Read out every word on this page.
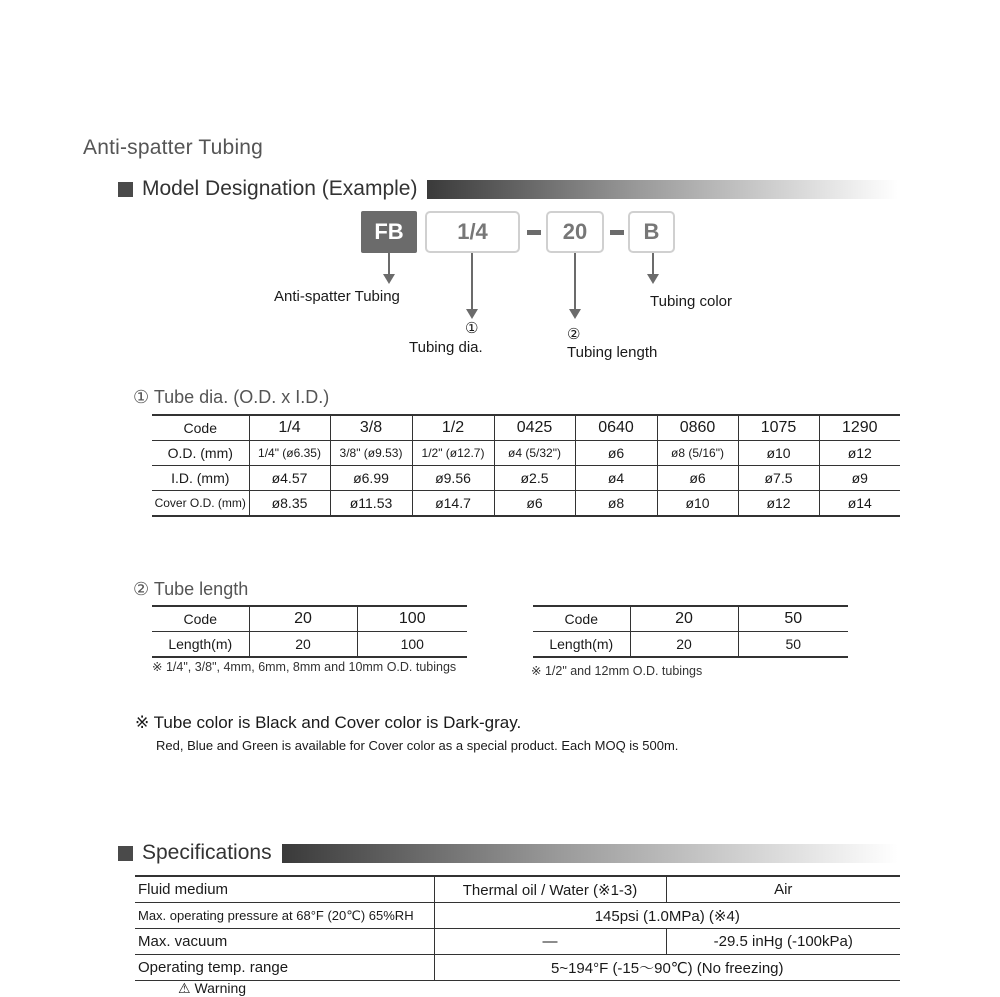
Anti-spatter Tubing
Model Designation (Example)
FB	1/4	20	B
Anti-spatter Tubing
①
Tubing dia.
②
Tubing length
Tubing color
① Tube dia. (O.D. x I.D.)
Code	1/4	3/8	1/2	0425	0640	0860	1075	1290
O.D. (mm)	1/4" (ø6.35)	3/8" (ø9.53)	1/2" (ø12.7)	ø4 (5/32")	ø6	ø8 (5/16")	ø10	ø12
I.D. (mm)	ø4.57	ø6.99	ø9.56	ø2.5	ø4	ø6	ø7.5	ø9
Cover O.D. (mm)	ø8.35	ø11.53	ø14.7	ø6	ø8	ø10	ø12	ø14
② Tube length
Code	20	100
Length(m)	20	100
※ 1/4", 3/8", 4mm, 6mm, 8mm and 10mm O.D. tubings
Code	20	50
Length(m)	20	50
※ 1/2" and 12mm O.D. tubings
※ Tube color is Black and Cover color is Dark-gray.
Red, Blue and Green is available for Cover color as a special product. Each MOQ is 500m.
Specifications
Fluid medium	Thermal oil / Water (※1-3)	Air
Max. operating pressure at 68°F (20℃) 65%RH	145psi (1.0MPa) (※4)	
Max. vacuum	—	-29.5 inHg (-100kPa)
Operating temp. range	5~194°F (-15～90℃) (No freezing)	
⚠ Warning
